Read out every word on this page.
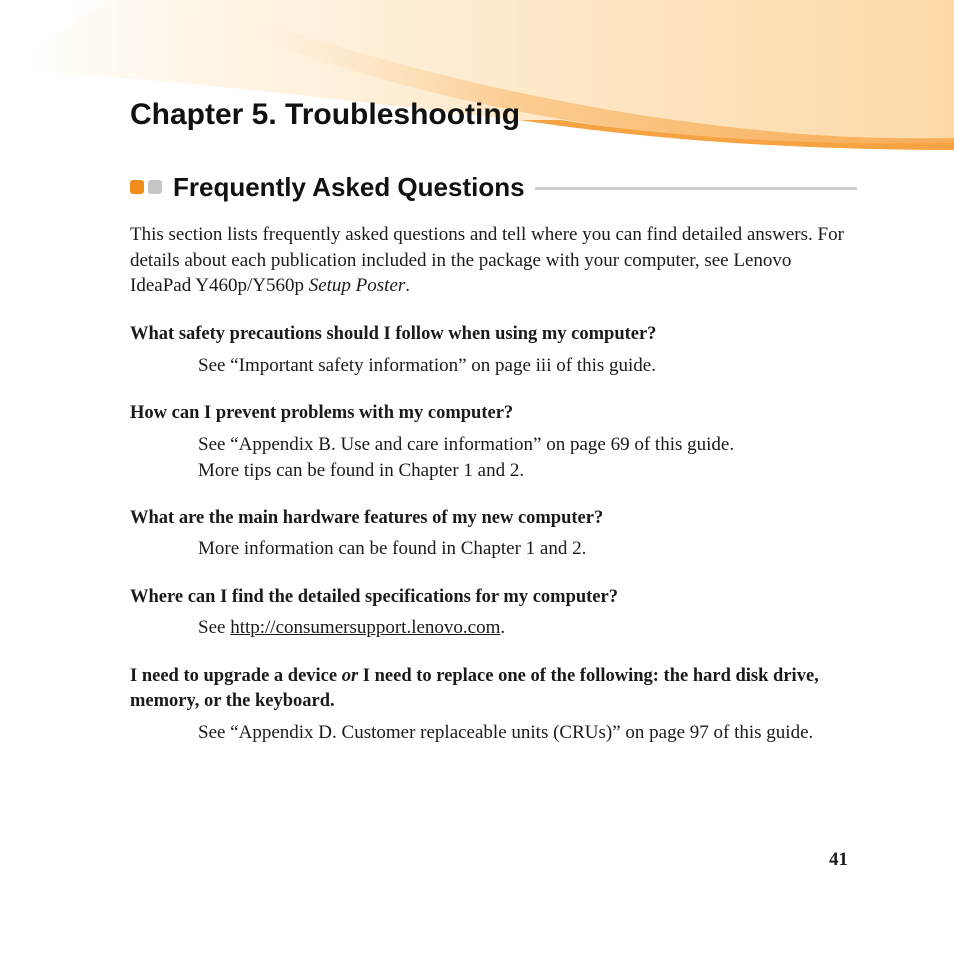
Chapter 5. Troubleshooting
Frequently Asked Questions

This section lists frequently asked questions and tell where you can find detailed answers. For details about each publication included in the package with your computer, see Lenovo IdeaPad Y460p/Y560p Setup Poster.

What safety precautions should I follow when using my computer?

See “Important safety information” on page iii of this guide.

How can I prevent problems with my computer?

See “Appendix B. Use and care information” on page 69 of this guide.
More tips can be found in Chapter 1 and 2.

What are the main hardware features of my new computer?

More information can be found in Chapter 1 and 2.

Where can I find the detailed specifications for my computer?

See http://consumersupport.lenovo.com.

I need to upgrade a device or I need to replace one of the following: the hard disk drive, memory, or the keyboard.

See “Appendix D. Customer replaceable units (CRUs)” on page 97 of this guide.

41
